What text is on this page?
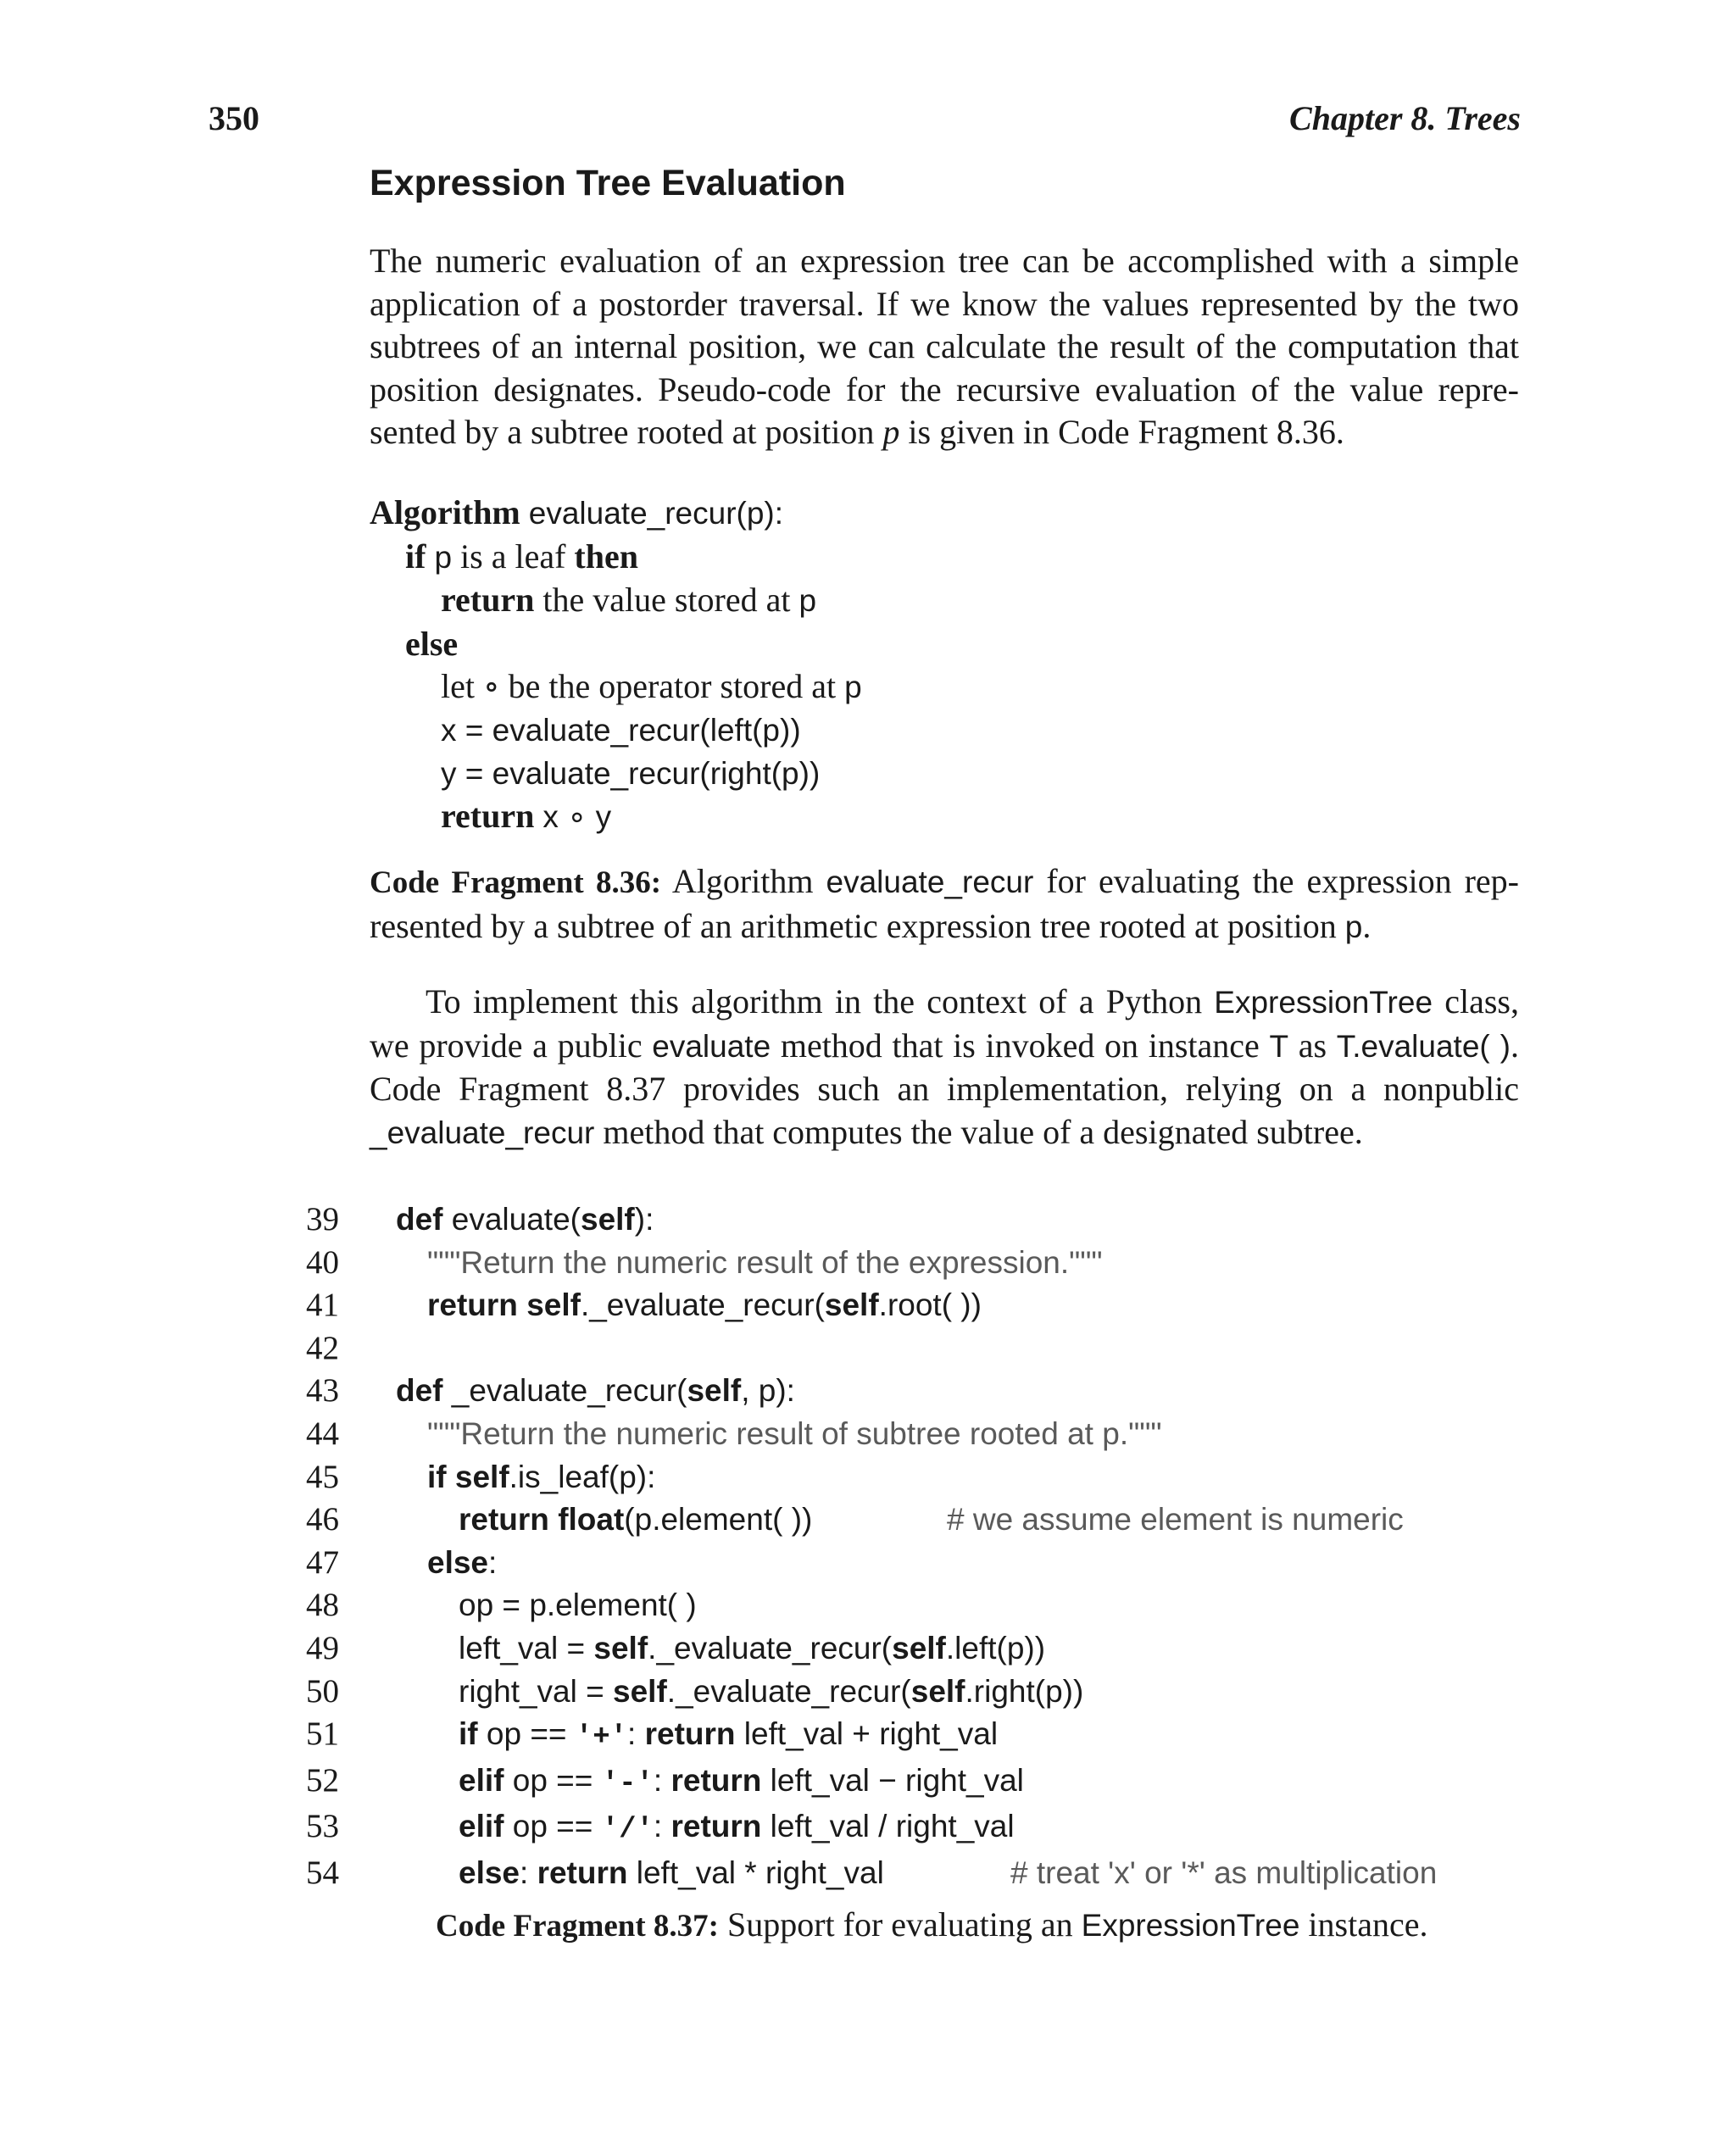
350	Chapter 8. Trees
Expression Tree Evaluation
The numeric evaluation of an expression tree can be accomplished with a simple
application of a postorder traversal. If we know the values represented by the two
subtrees of an internal position, we can calculate the result of the computation that
position designates. Pseudo-code for the recursive evaluation of the value repre-
sented by a subtree rooted at position p is given in Code Fragment 8.36.
Algorithm evaluate_recur(p):
if p is a leaf then
return the value stored at p
else
let ∘ be the operator stored at p
x = evaluate_recur(left(p))
y = evaluate_recur(right(p))
return x ∘ y
Code Fragment 8.36: Algorithm evaluate_recur for evaluating the expression rep-
resented by a subtree of an arithmetic expression tree rooted at position p.
To implement this algorithm in the context of a Python ExpressionTree class,
we provide a public evaluate method that is invoked on instance T as T.evaluate( ).
Code Fragment 8.37 provides such an implementation, relying on a nonpublic
_evaluate_recur method that computes the value of a designated subtree.
39	def evaluate(self):
40	"""Return the numeric result of the expression."""
41	return self._evaluate_recur(self.root( ))
42
43	def _evaluate_recur(self, p):
44	"""Return the numeric result of subtree rooted at p."""
45	if self.is_leaf(p):
46	return float(p.element( ))	# we assume element is numeric
47	else:
48	op = p.element( )
49	left_val = self._evaluate_recur(self.left(p))
50	right_val = self._evaluate_recur(self.right(p))
51	if op == '+': return left_val + right_val
52	elif op == '-': return left_val − right_val
53	elif op == '/': return left_val / right_val
54	else: return left_val * right_val	# treat 'x' or '*' as multiplication
Code Fragment 8.37: Support for evaluating an ExpressionTree instance.
